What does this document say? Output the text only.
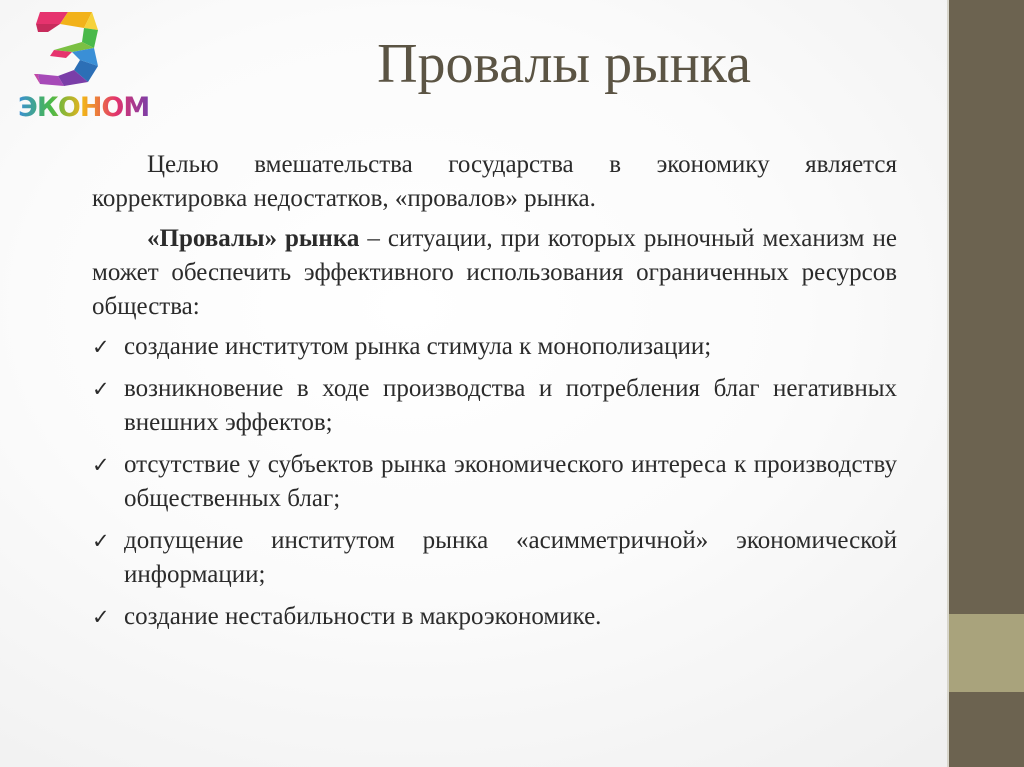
ЭКОНОМ
Провалы рынка

Целью вмешательства государства в экономику является корректировка недостатков, «провалов» рынка.

«Провалы» рынка – ситуации, при которых рыночный механизм не может обеспечить эффективного использования ограниченных ресурсов общества:

✓ создание институтом рынка стимула к монополизации;
✓ возникновение в ходе производства и потребления благ негативных внешних эффектов;
✓ отсутствие у субъектов рынка экономического интереса к производству общественных благ;
✓ допущение институтом рынка «асимметричной» экономической информации;
✓ создание нестабильности в макроэкономике.
